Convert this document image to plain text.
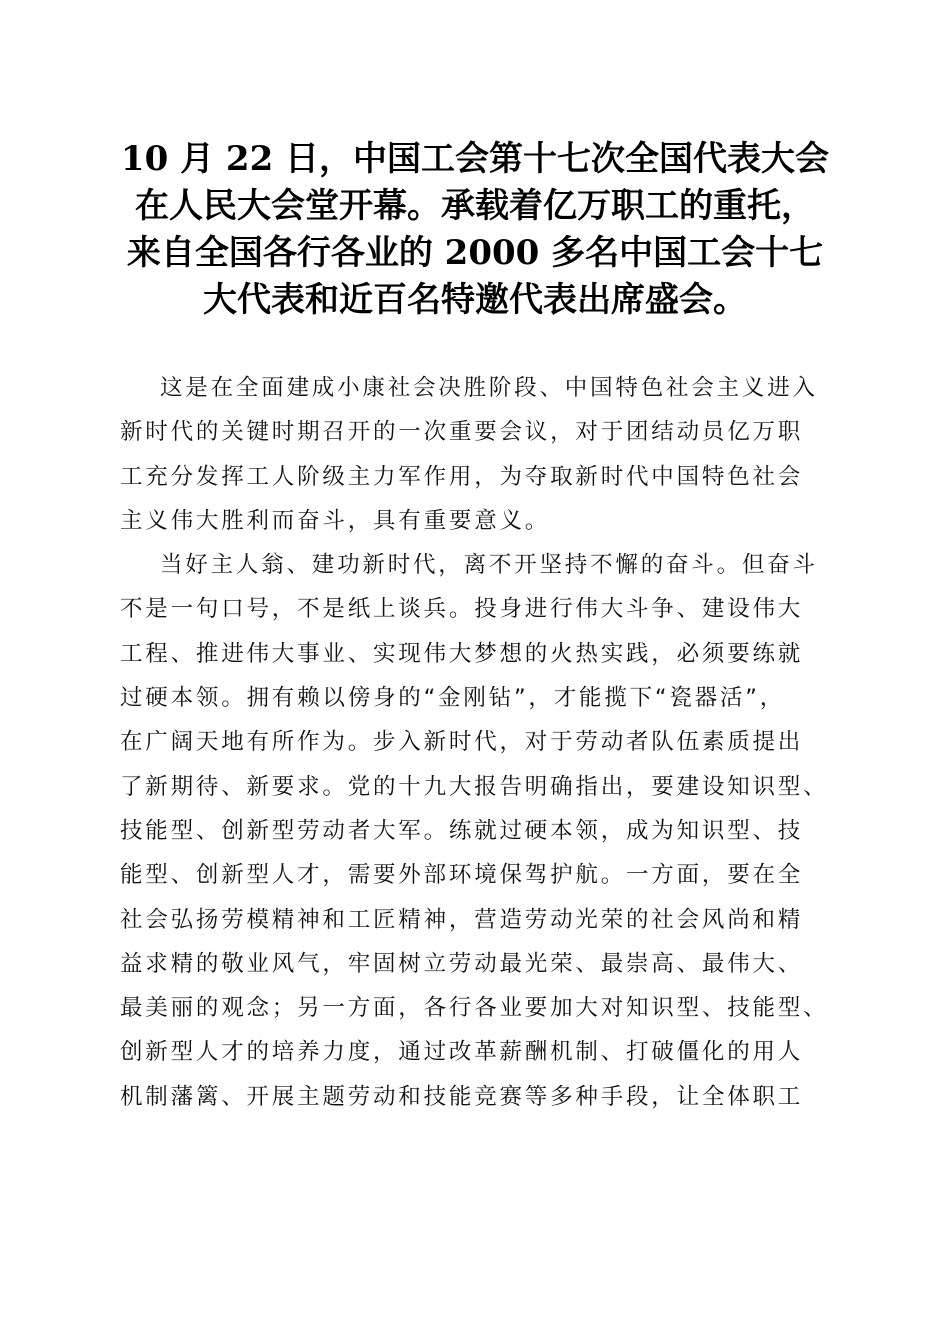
10 月 22 日，中国工会第十七次全国代表大会
在人民大会堂开幕。承载着亿万职工的重托，
来自全国各行各业的 2000 多名中国工会十七
大代表和近百名特邀代表出席盛会。
这是在全面建成小康社会决胜阶段、中国特色社会主义进入
新时代的关键时期召开的一次重要会议，对于团结动员亿万职
工充分发挥工人阶级主力军作用，为夺取新时代中国特色社会
主义伟大胜利而奋斗，具有重要意义。
当好主人翁、建功新时代，离不开坚持不懈的奋斗。但奋斗
不是一句口号，不是纸上谈兵。投身进行伟大斗争、建设伟大
工程、推进伟大事业、实现伟大梦想的火热实践，必须要练就
过硬本领。拥有赖以傍身的“金刚钻”，才能揽下“瓷器活”，
在广阔天地有所作为。步入新时代，对于劳动者队伍素质提出
了新期待、新要求。党的十九大报告明确指出，要建设知识型、
技能型、创新型劳动者大军。练就过硬本领，成为知识型、技
能型、创新型人才，需要外部环境保驾护航。一方面，要在全
社会弘扬劳模精神和工匠精神，营造劳动光荣的社会风尚和精
益求精的敬业风气，牢固树立劳动最光荣、最崇高、最伟大、
最美丽的观念；另一方面，各行各业要加大对知识型、技能型、
创新型人才的培养力度，通过改革薪酬机制、打破僵化的用人
机制藩篱、开展主题劳动和技能竞赛等多种手段，让全体职工
